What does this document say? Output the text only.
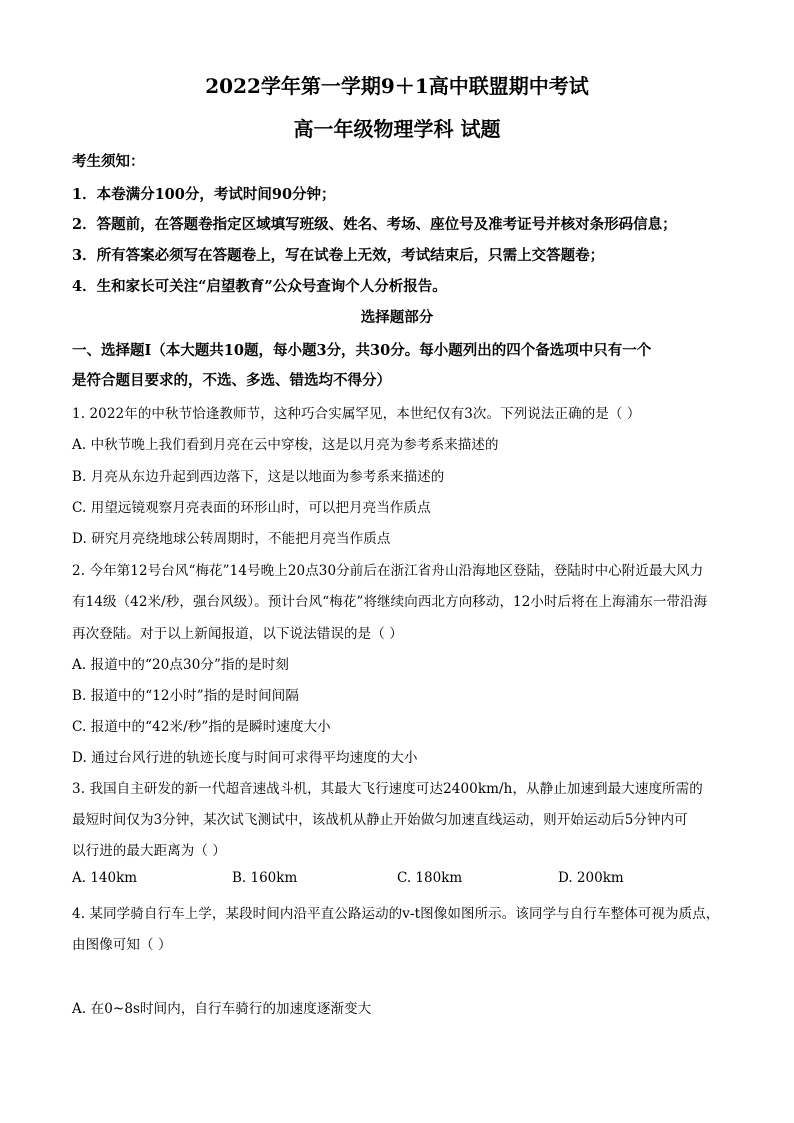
2022学年第一学期9＋1高中联盟期中考试
高一年级物理学科 试题
考生须知：
1．本卷满分100分，考试时间90分钟；
2．答题前，在答题卷指定区域填写班级、姓名、考场、座位号及准考证号并核对条形码信息；
3．所有答案必须写在答题卷上，写在试卷上无效，考试结束后，只需上交答题卷；
4．生和家长可关注“启望教育”公众号查询个人分析报告。
选择题部分
一、选择题Ⅰ（本大题共10题，每小题3分，共30分。每小题列出的四个备选项中只有一个
是符合题目要求的，不选、多选、错选均不得分）
1. 2022年的中秋节恰逢教师节，这种巧合实属罕见，本世纪仅有3次。下列说法正确的是（ ）
A. 中秋节晚上我们看到月亮在云中穿梭，这是以月亮为参考系来描述的
B. 月亮从东边升起到西边落下，这是以地面为参考系来描述的
C. 用望远镜观察月亮表面的环形山时，可以把月亮当作质点
D. 研究月亮绕地球公转周期时，不能把月亮当作质点
2. 今年第12号台风“梅花”14号晚上20点30分前后在浙江省舟山沿海地区登陆，登陆时中心附近最大风力
有14级（42米/秒，强台风级）。预计台风“梅花”将继续向西北方向移动，12小时后将在上海浦东一带沿海
再次登陆。对于以上新闻报道，以下说法错误的是（ ）
A. 报道中的“20点30分”指的是时刻
B. 报道中的“12小时”指的是时间间隔
C. 报道中的“42米/秒”指的是瞬时速度大小
D. 通过台风行进的轨迹长度与时间可求得平均速度的大小
3. 我国自主研发的新一代超音速战斗机，其最大飞行速度可达2400km/h，从静止加速到最大速度所需的
最短时间仅为3分钟，某次试飞测试中，该战机从静止开始做匀加速直线运动，则开始运动后5分钟内可
以行进的最大距离为（ ）
A. 140km	B. 160km	C. 180km	D. 200km
4. 某同学骑自行车上学，某段时间内沿平直公路运动的v-t图像如图所示。该同学与自行车整体可视为质点，
由图像可知（ ）
A. 在0~8s时间内，自行车骑行的加速度逐渐变大
